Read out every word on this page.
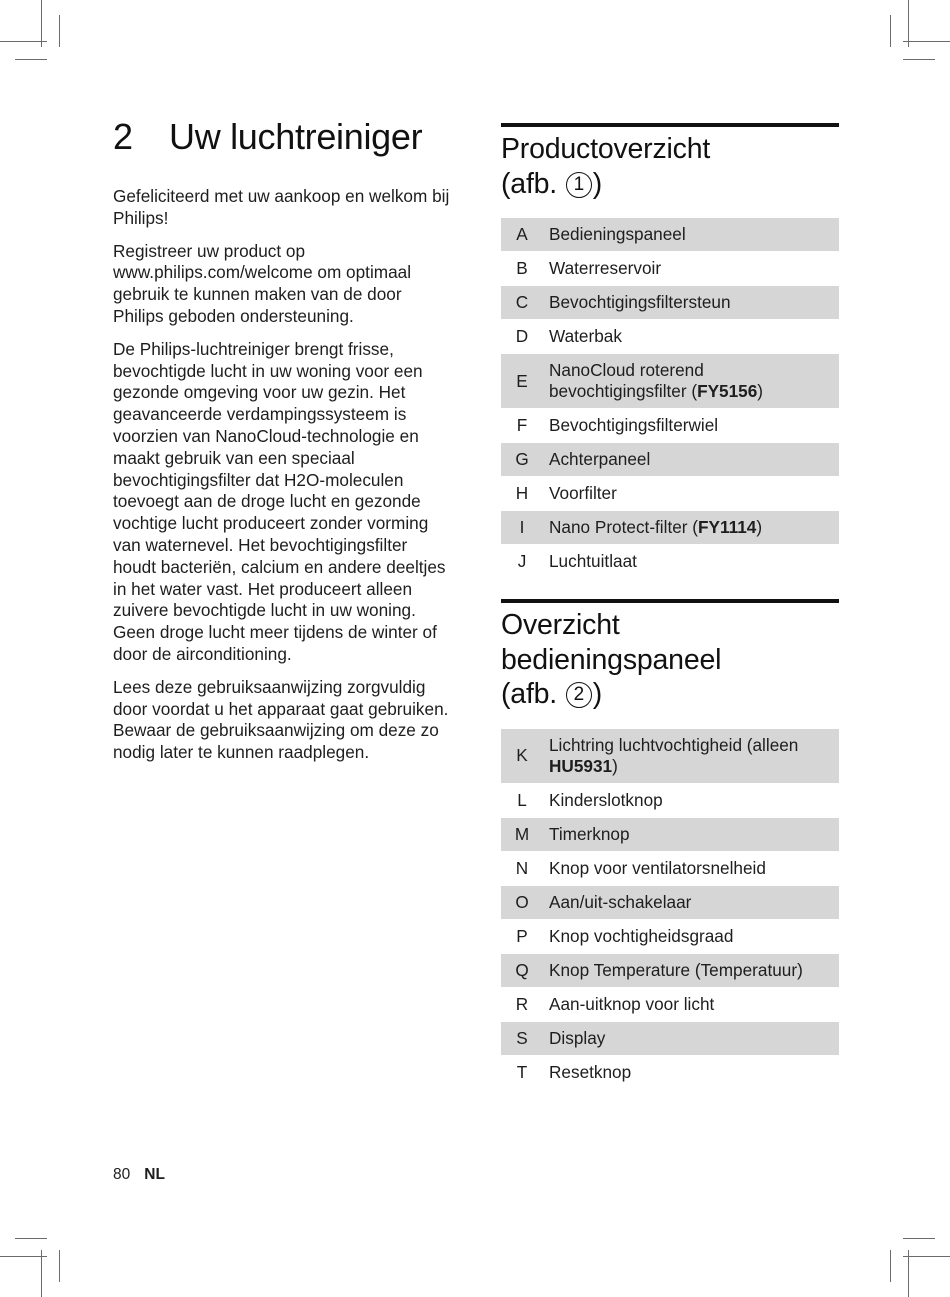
2 Uw luchtreiniger

Gefeliciteerd met uw aankoop en welkom bij Philips!

Registreer uw product op www.philips.com/welcome om optimaal gebruik te kunnen maken van de door Philips geboden ondersteuning.

De Philips-luchtreiniger brengt frisse, bevochtigde lucht in uw woning voor een gezonde omgeving voor uw gezin. Het geavanceerde verdampingssysteem is voorzien van NanoCloud-technologie en maakt gebruik van een speciaal bevochtigingsfilter dat H2O-moleculen toevoegt aan de droge lucht en gezonde vochtige lucht produceert zonder vorming van waternevel. Het bevochtigingsfilter houdt bacteriën, calcium en andere deeltjes in het water vast. Het produceert alleen zuivere bevochtigde lucht in uw woning. Geen droge lucht meer tijdens de winter of door de airconditioning.

Lees deze gebruiksaanwijzing zorgvuldig door voordat u het apparaat gaat gebruiken. Bewaar de gebruiksaanwijzing om deze zo nodig later te kunnen raadplegen.

Productoverzicht
(afb. 1 )
A	Bedieningspaneel
B	Waterreservoir
C	Bevochtigingsfiltersteun
D	Waterbak
E	NanoCloud roterend bevochtigingsfilter (FY5156)
F	Bevochtigingsfilterwiel
G	Achterpaneel
H	Voorfilter
I	Nano Protect-filter (FY1114)
J	Luchtuitlaat
Overzicht
bedieningspaneel
(afb. 2 )
K	Lichtring luchtvochtigheid (alleen HU5931)
L	Kinderslotknop
M	Timerknop
N	Knop voor ventilatorsnelheid
O	Aan/uit-schakelaar
P	Knop vochtigheidsgraad
Q	Knop Temperature (Temperatuur)
R	Aan-uitknop voor licht
S	Display
T	Resetknop
80 NL
